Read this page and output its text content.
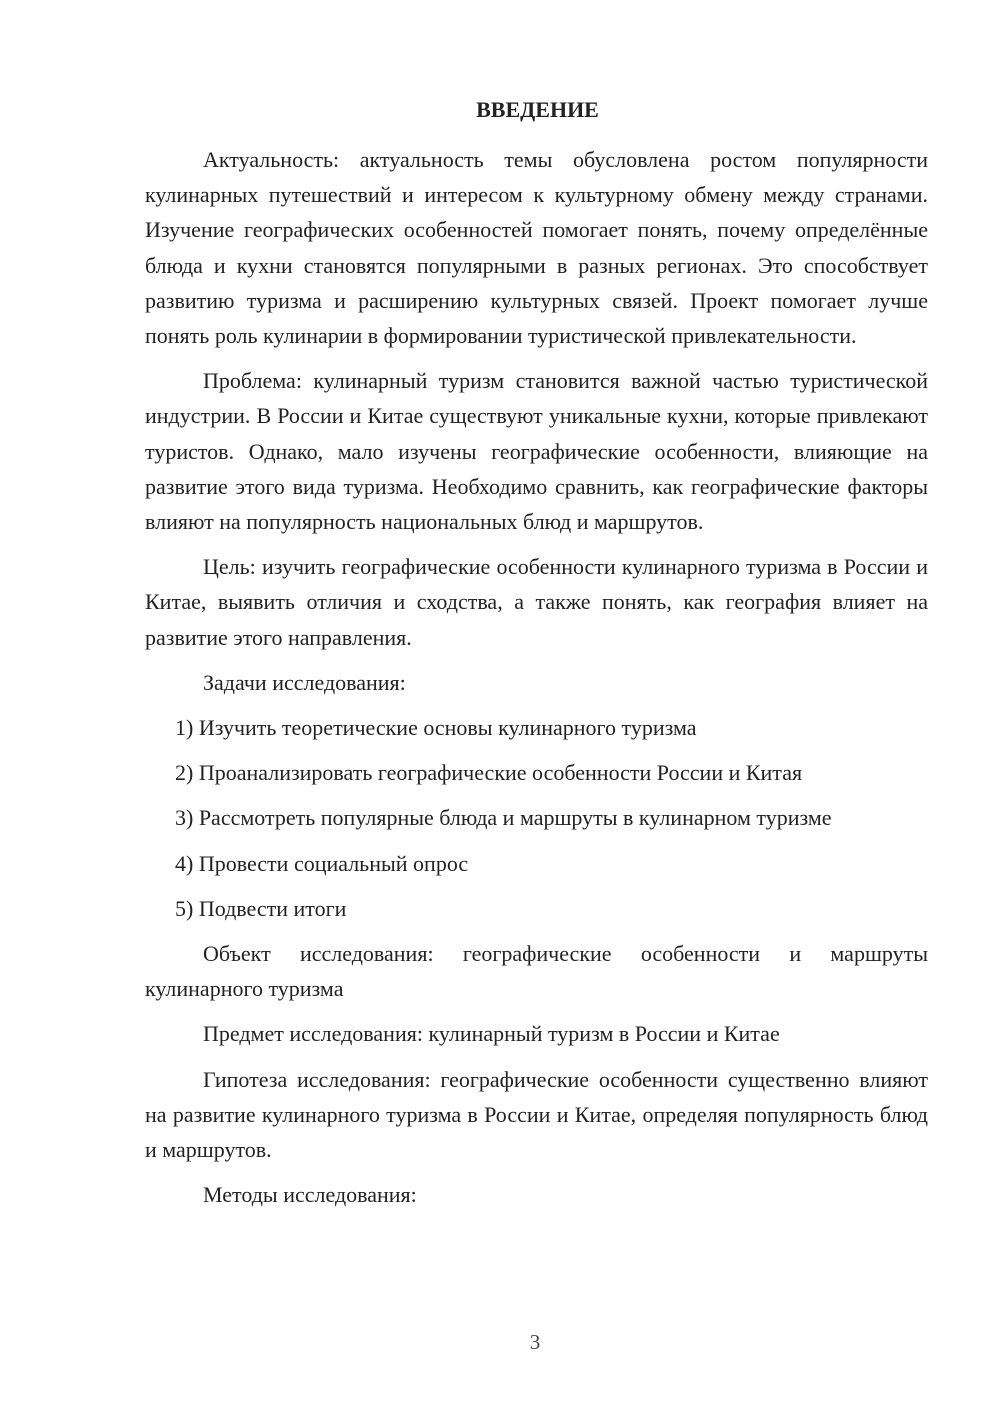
ВВЕДЕНИЕ

Актуальность: актуальность темы обусловлена ростом популярности кулинарных путешествий и интересом к культурному обмену между странами. Изучение географических особенностей помогает понять, почему определённые блюда и кухни становятся популярными в разных регионах. Это способствует развитию туризма и расширению культурных связей. Проект помогает лучше понять роль кулинарии в формировании туристической привлекательности.

Проблема: кулинарный туризм становится важной частью туристической индустрии. В России и Китае существуют уникальные кухни, которые привлекают туристов. Однако, мало изучены географические особенности, влияющие на развитие этого вида туризма. Необходимо сравнить, как географические факторы влияют на популярность национальных блюд и маршрутов.

Цель: изучить географические особенности кулинарного туризма в России и Китае, выявить отличия и сходства, а также понять, как география влияет на развитие этого направления.

Задачи исследования:

1) Изучить теоретические основы кулинарного туризма
2) Проанализировать географические особенности России и Китая
3) Рассмотреть популярные блюда и маршруты в кулинарном туризме
4) Провести социальный опрос
5) Подвести итоги

Объект исследования: географические особенности и маршруты кулинарного туризма

Предмет исследования: кулинарный туризм в России и Китае

Гипотеза исследования: географические особенности существенно влияют на развитие кулинарного туризма в России и Китае, определяя популярность блюд и маршрутов.

Методы исследования:

3
